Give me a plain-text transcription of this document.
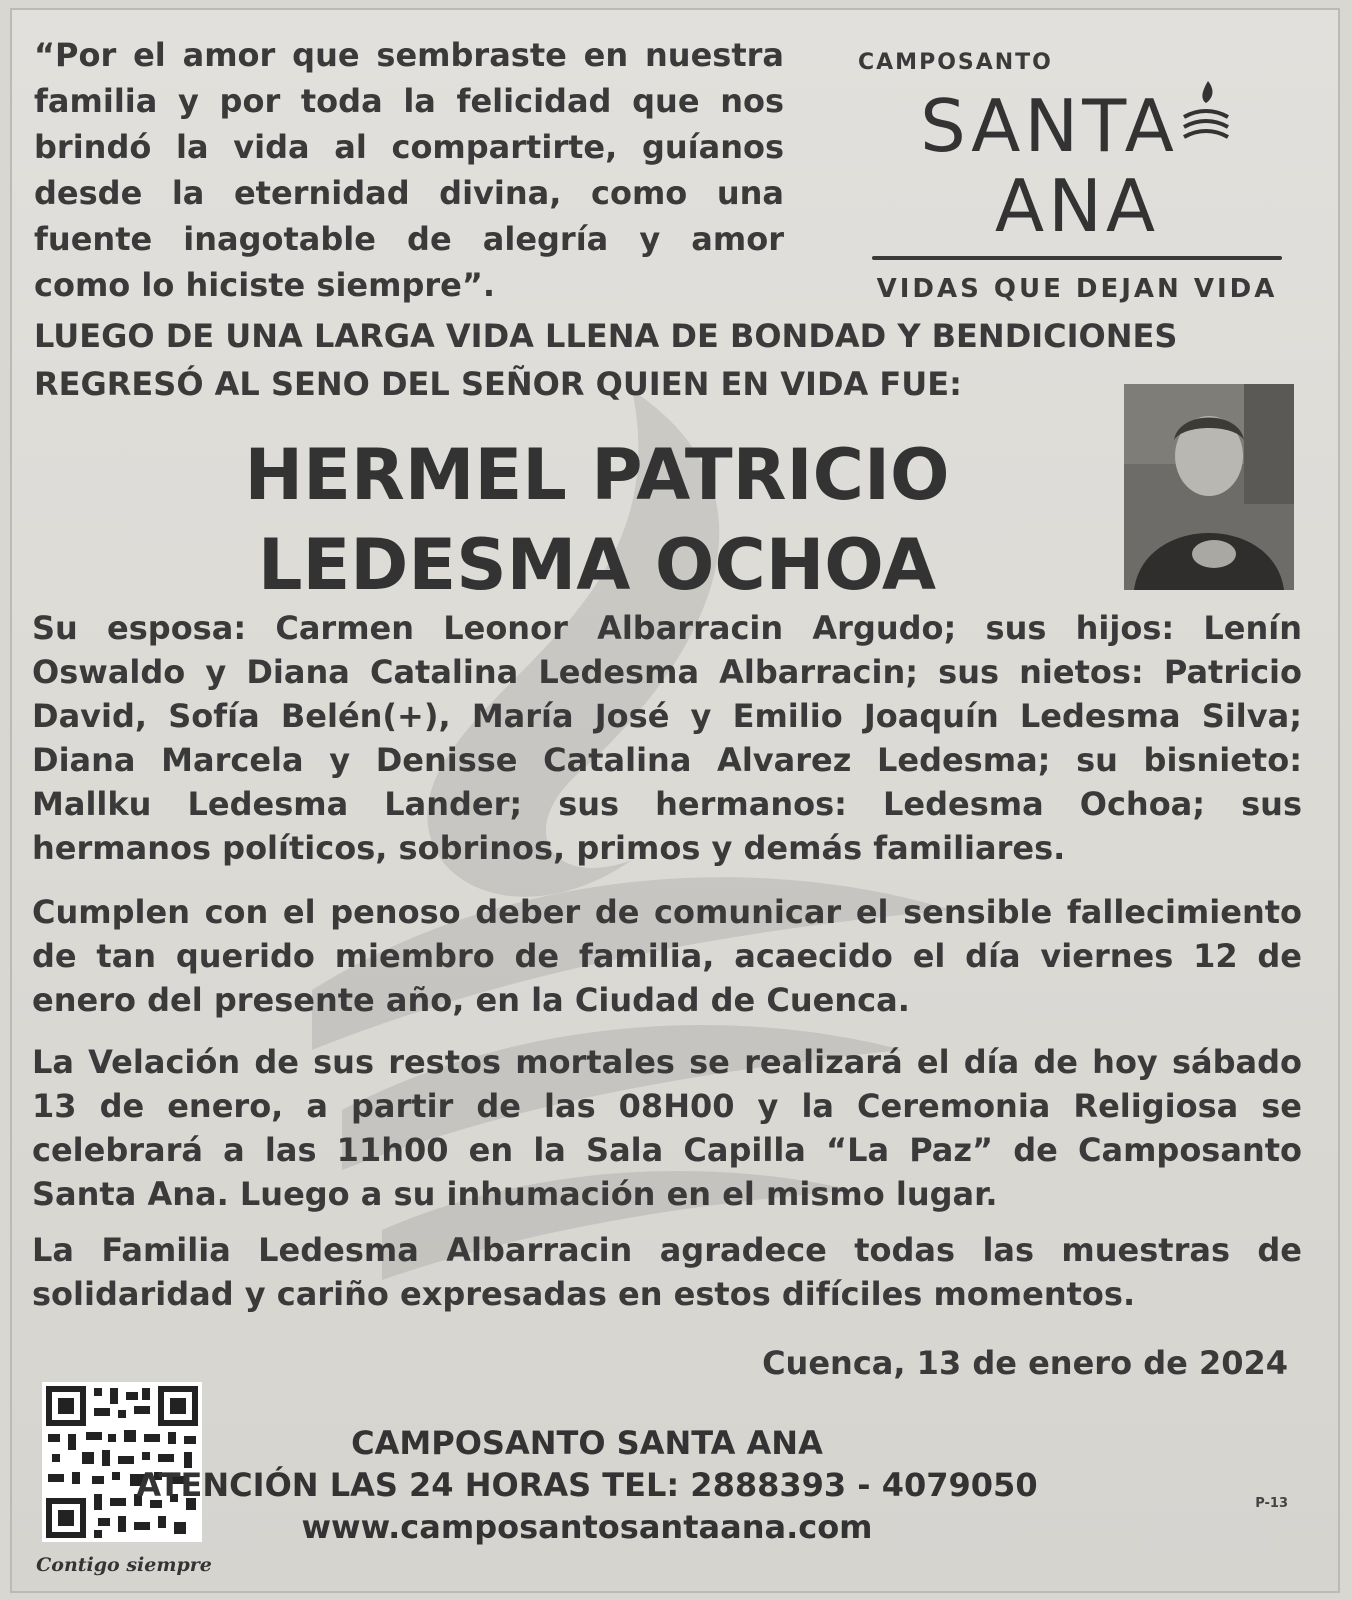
“Por el amor que sembraste en nuestra familia y por toda la felicidad que nos brindó la vida al compartirte, guíanos desde la eternidad divina, como una fuente inagotable de alegría y amor como lo hiciste siempre”.

CAMPOSANTO
SANTAANA
VIDAS QUE DEJAN VIDA

LUEGO DE UNA LARGA VIDA LLENA DE BONDAD Y BENDICIONES REGRESÓ AL SENO DEL SEÑOR QUIEN EN VIDA FUE:

HERMEL PATRICIO
LEDESMA OCHOA

Su esposa: Carmen Leonor Albarracin Argudo; sus hijos: Lenín Oswaldo y Diana Catalina Ledesma Albarracin; sus nietos: Patricio David, Sofía Belén(+), María José y Emilio Joaquín Ledesma Silva; Diana Marcela y Denisse Catalina Alvarez Ledesma; su bisnieto: Mallku Ledesma Lander; sus hermanos: Ledesma Ochoa; sus hermanos políticos, sobrinos, primos y demás familiares.

Cumplen con el penoso deber de comunicar el sensible fallecimiento de tan querido miembro de familia, acaecido el día viernes 12 de enero del presente año, en la Ciudad de Cuenca.

La Velación de sus restos mortales se realizará el día de hoy sábado 13 de enero, a partir de las 08H00 y la Ceremonia Religiosa se celebrará a las 11h00 en la Sala Capilla “La Paz” de Camposanto Santa Ana. Luego a su inhumación en el mismo lugar.

La Familia Ledesma Albarracin agradece todas las muestras de solidaridad y cariño expresadas en estos difíciles momentos.

Cuenca, 13 de enero de 2024
Contigo siempre
CAMPOSANTO SANTA ANA
ATENCIÓN LAS 24 HORAS TEL: 2888393 - 4079050
www.camposantosantaana.com
P-13
